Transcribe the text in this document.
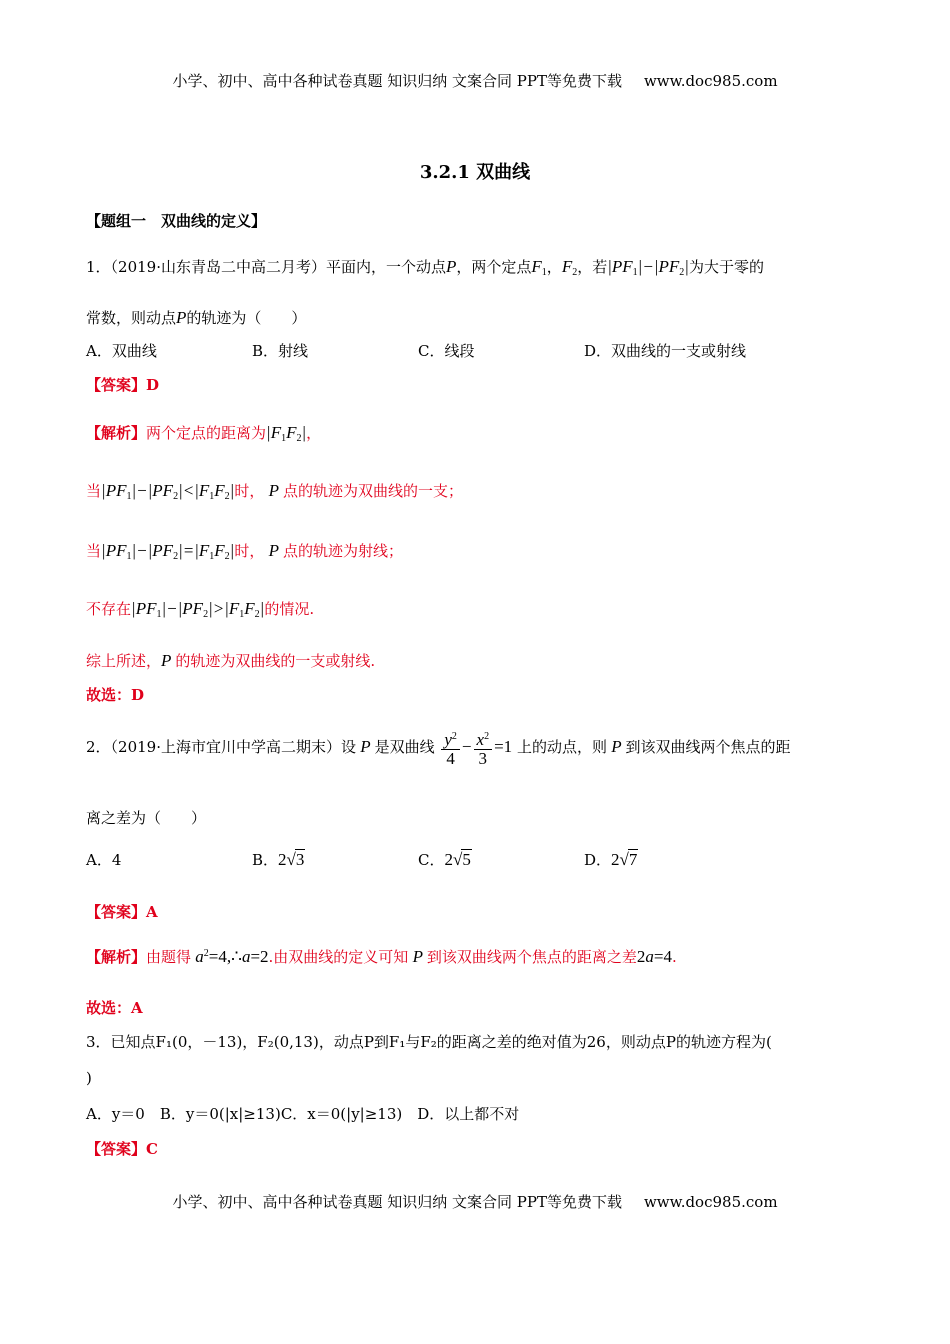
小学、初中、高中各种试卷真题 知识归纳 文案合同 PPT等免费下载 www.doc985.com
3.2.1 双曲线
【题组一　双曲线的定义】
1．（2019·山东青岛二中高二月考）平面内，一个动点P，两个定点$F_1$，$F_2$，若$|PF_1|-|PF_2|$为大于零的
常数，则动点P的轨迹为（　　）
A．双曲线	B．射线	C．线段	D．双曲线的一支或射线
【答案】D
【解析】两个定点的距离为$|F_1F_2|$，
当$|PF_1|-|PF_2|<|F_1F_2|$时， P 点的轨迹为双曲线的一支；
当$|PF_1|-|PF_2|=|F_1F_2|$时， P 点的轨迹为射线；
不存在$|PF_1|-|PF_2|>|F_1F_2|$的情况.
综上所述，P 的轨迹为双曲线的一支或射线.
故选：D
2．（2019·上海市宜川中学高二期末）设 P 是双曲线 $\frac{y^2}{4} - \frac{x^2}{3} =1$ 上的动点，则 P 到该双曲线两个焦点的距
离之差为（　　）
A．4	B．2√3	C．2√5	D．2√7
【答案】A
【解析】由题得 $a^2=4,\therefore a=2$.由双曲线的定义可知 P 到该双曲线两个焦点的距离之差2a=4.
故选：A
3．已知点F₁(0，－13)，F₂(0,13)，动点P到F₁与F₂的距离之差的绝对值为26，则动点P的轨迹方程为(
)
A．y＝0　B．y＝0(|x|≥13)C．x＝0(|y|≥13)　D．以上都不对
【答案】C
小学、初中、高中各种试卷真题 知识归纳 文案合同 PPT等免费下载 www.doc985.com
